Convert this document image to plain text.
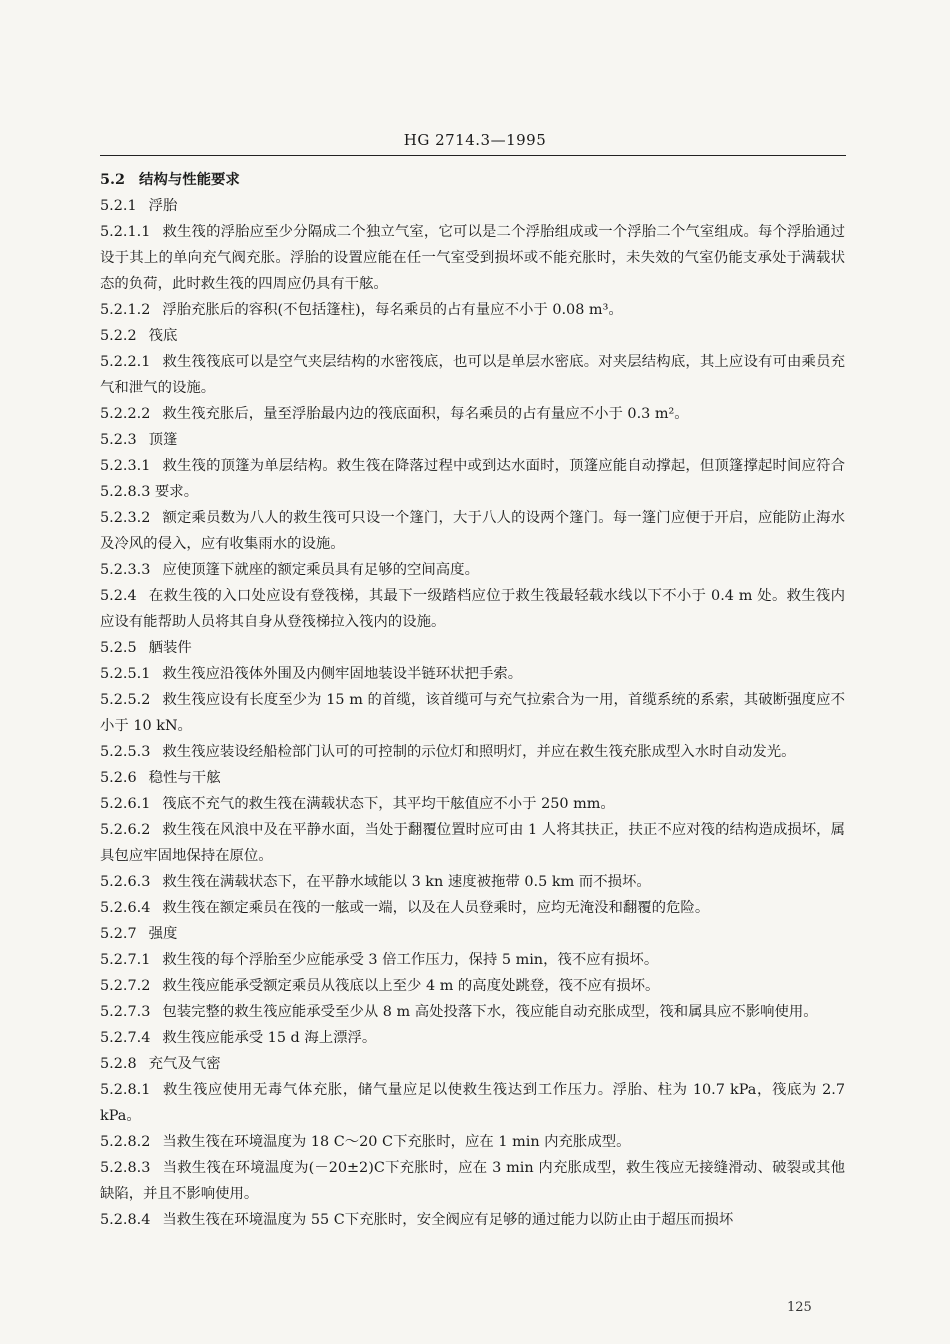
HG 2714.3—1995
5.2 结构与性能要求
5.2.1 浮胎
5.2.1.1 救生筏的浮胎应至少分隔成二个独立气室，它可以是二个浮胎组成或一个浮胎二个气室组成。每个浮胎通过设于其上的单向充气阀充胀。浮胎的设置应能在任一气室受到损坏或不能充胀时，未失效的气室仍能支承处于满载状态的负荷，此时救生筏的四周应仍具有干舷。
5.2.1.2 浮胎充胀后的容积(不包括篷柱)，每名乘员的占有量应不小于 0.08 m³。
5.2.2 筏底
5.2.2.1 救生筏筏底可以是空气夹层结构的水密筏底，也可以是单层水密底。对夹层结构底，其上应设有可由乘员充气和泄气的设施。
5.2.2.2 救生筏充胀后，量至浮胎最内边的筏底面积，每名乘员的占有量应不小于 0.3 m²。
5.2.3 顶篷
5.2.3.1 救生筏的顶篷为单层结构。救生筏在降落过程中或到达水面时，顶篷应能自动撑起，但顶篷撑起时间应符合 5.2.8.3 要求。
5.2.3.2 额定乘员数为八人的救生筏可只设一个篷门，大于八人的设两个篷门。每一篷门应便于开启，应能防止海水及冷风的侵入，应有收集雨水的设施。
5.2.3.3 应使顶篷下就座的额定乘员具有足够的空间高度。
5.2.4 在救生筏的入口处应设有登筏梯，其最下一级踏档应位于救生筏最轻载水线以下不小于 0.4 m 处。救生筏内应设有能帮助人员将其自身从登筏梯拉入筏内的设施。
5.2.5 舾装件
5.2.5.1 救生筏应沿筏体外围及内侧牢固地装设半链环状把手索。
5.2.5.2 救生筏应设有长度至少为 15 m 的首缆，该首缆可与充气拉索合为一用，首缆系统的系索，其破断强度应不小于 10 kN。
5.2.5.3 救生筏应装设经船检部门认可的可控制的示位灯和照明灯，并应在救生筏充胀成型入水时自动发光。
5.2.6 稳性与干舷
5.2.6.1 筏底不充气的救生筏在满载状态下，其平均干舷值应不小于 250 mm。
5.2.6.2 救生筏在风浪中及在平静水面，当处于翻覆位置时应可由 1 人将其扶正，扶正不应对筏的结构造成损坏，属具包应牢固地保持在原位。
5.2.6.3 救生筏在满载状态下，在平静水域能以 3 kn 速度被拖带 0.5 km 而不损坏。
5.2.6.4 救生筏在额定乘员在筏的一舷或一端，以及在人员登乘时，应均无淹没和翻覆的危险。
5.2.7 强度
5.2.7.1 救生筏的每个浮胎至少应能承受 3 倍工作压力，保持 5 min，筏不应有损坏。
5.2.7.2 救生筏应能承受额定乘员从筏底以上至少 4 m 的高度处跳登，筏不应有损坏。
5.2.7.3 包装完整的救生筏应能承受至少从 8 m 高处投落下水，筏应能自动充胀成型，筏和属具应不影响使用。
5.2.7.4 救生筏应能承受 15 d 海上漂浮。
5.2.8 充气及气密
5.2.8.1 救生筏应使用无毒气体充胀，储气量应足以使救生筏达到工作压力。浮胎、柱为 10.7 kPa，筏底为 2.7 kPa。
5.2.8.2 当救生筏在环境温度为 18 C～20 C下充胀时，应在 1 min 内充胀成型。
5.2.8.3 当救生筏在环境温度为(－20±2)C下充胀时，应在 3 min 内充胀成型，救生筏应无接缝滑动、破裂或其他缺陷，并且不影响使用。
5.2.8.4 当救生筏在环境温度为 55 C下充胀时，安全阀应有足够的通过能力以防止由于超压而损坏
125
